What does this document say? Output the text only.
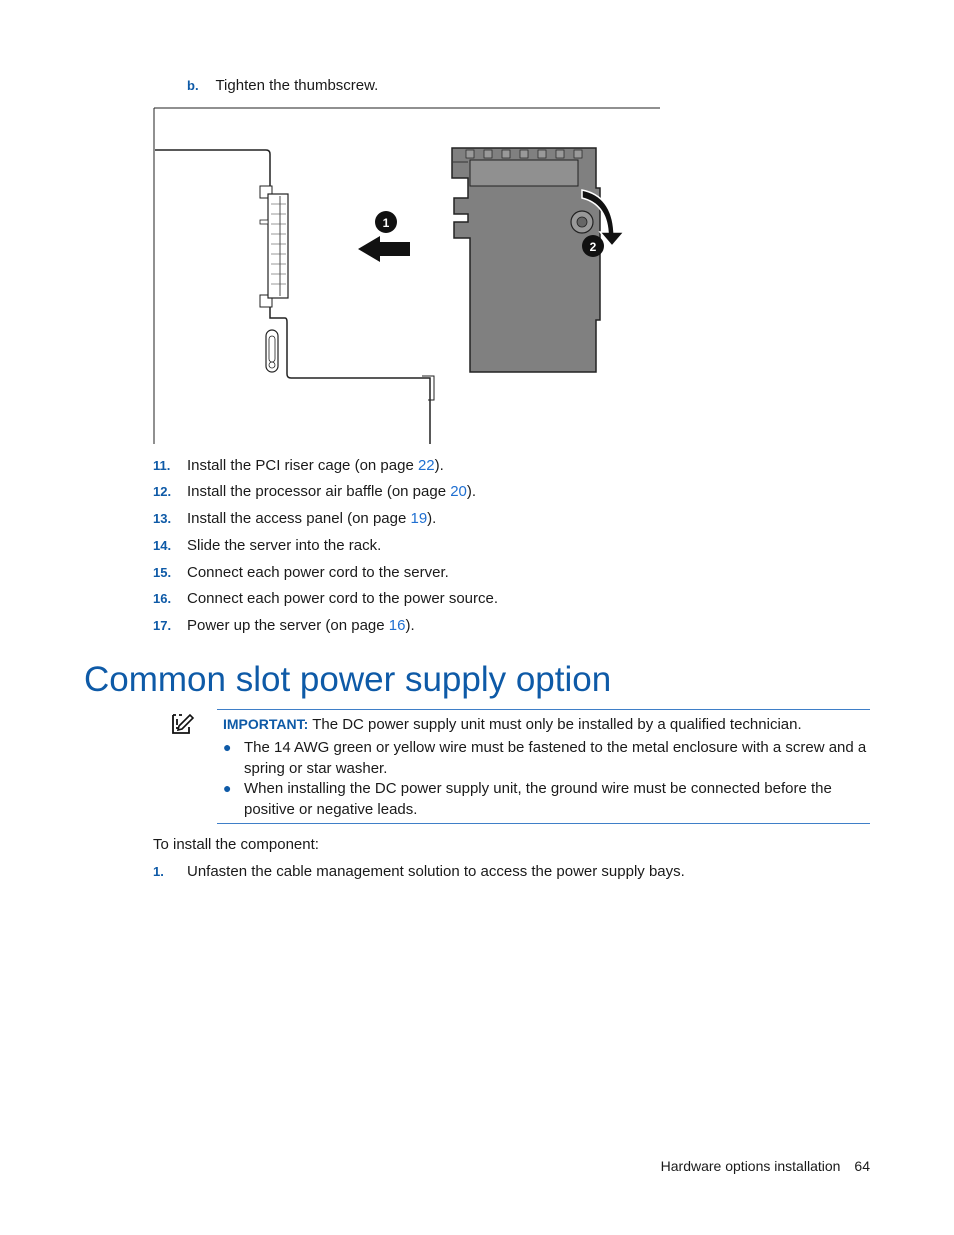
b. Tighten the thumbscrew.
1
2
11. Install the PCI riser cage (on page 22).
12. Install the processor air baffle (on page 20).
13. Install the access panel (on page 19).
14. Slide the server into the rack.
15. Connect each power cord to the server.
16. Connect each power cord to the power source.
17. Power up the server (on page 16).
Common slot power supply option
IMPORTANT: The DC power supply unit must only be installed by a qualified technician.
● The 14 AWG green or yellow wire must be fastened to the metal enclosure with a screw and a spring or star washer.
● When installing the DC power supply unit, the ground wire must be connected before the positive or negative leads.
To install the component:
1. Unfasten the cable management solution to access the power supply bays.
Hardware options installation 64
